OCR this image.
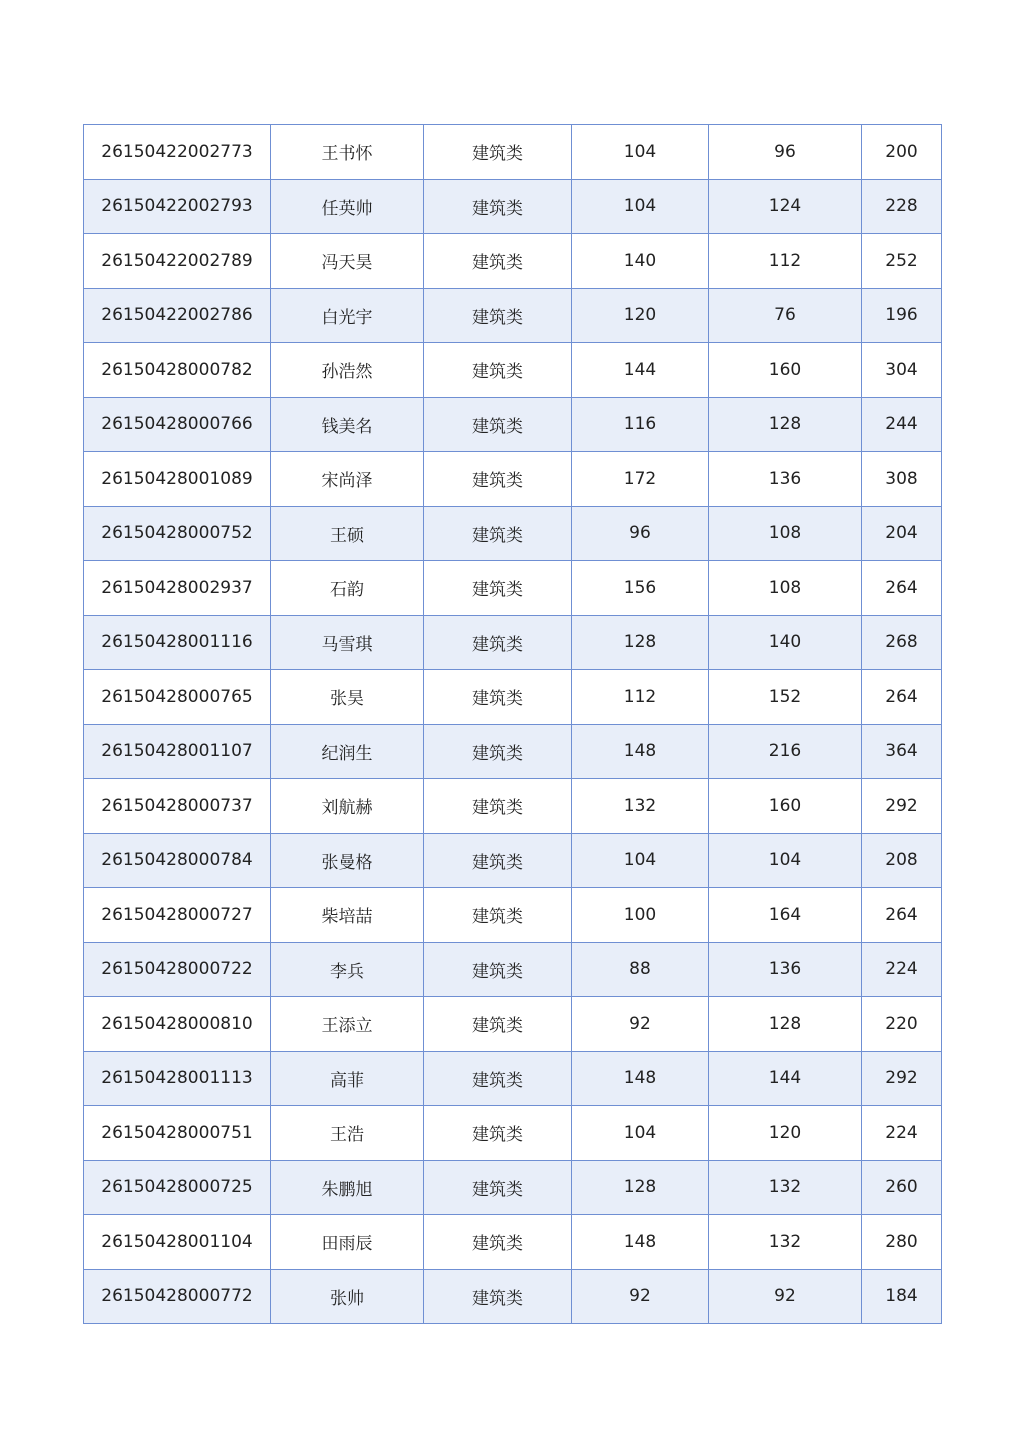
26150422002773	王书怀	建筑类	104	96	200
26150422002793	任英帅	建筑类	104	124	228
26150422002789	冯天昊	建筑类	140	112	252
26150422002786	白光宇	建筑类	120	76	196
26150428000782	孙浩然	建筑类	144	160	304
26150428000766	钱美名	建筑类	116	128	244
26150428001089	宋尚泽	建筑类	172	136	308
26150428000752	王硕	建筑类	96	108	204
26150428002937	石韵	建筑类	156	108	264
26150428001116	马雪琪	建筑类	128	140	268
26150428000765	张昊	建筑类	112	152	264
26150428001107	纪润生	建筑类	148	216	364
26150428000737	刘航赫	建筑类	132	160	292
26150428000784	张曼格	建筑类	104	104	208
26150428000727	柴培喆	建筑类	100	164	264
26150428000722	李兵	建筑类	88	136	224
26150428000810	王添立	建筑类	92	128	220
26150428001113	高菲	建筑类	148	144	292
26150428000751	王浩	建筑类	104	120	224
26150428000725	朱鹏旭	建筑类	128	132	260
26150428001104	田雨辰	建筑类	148	132	280
26150428000772	张帅	建筑类	92	92	184
